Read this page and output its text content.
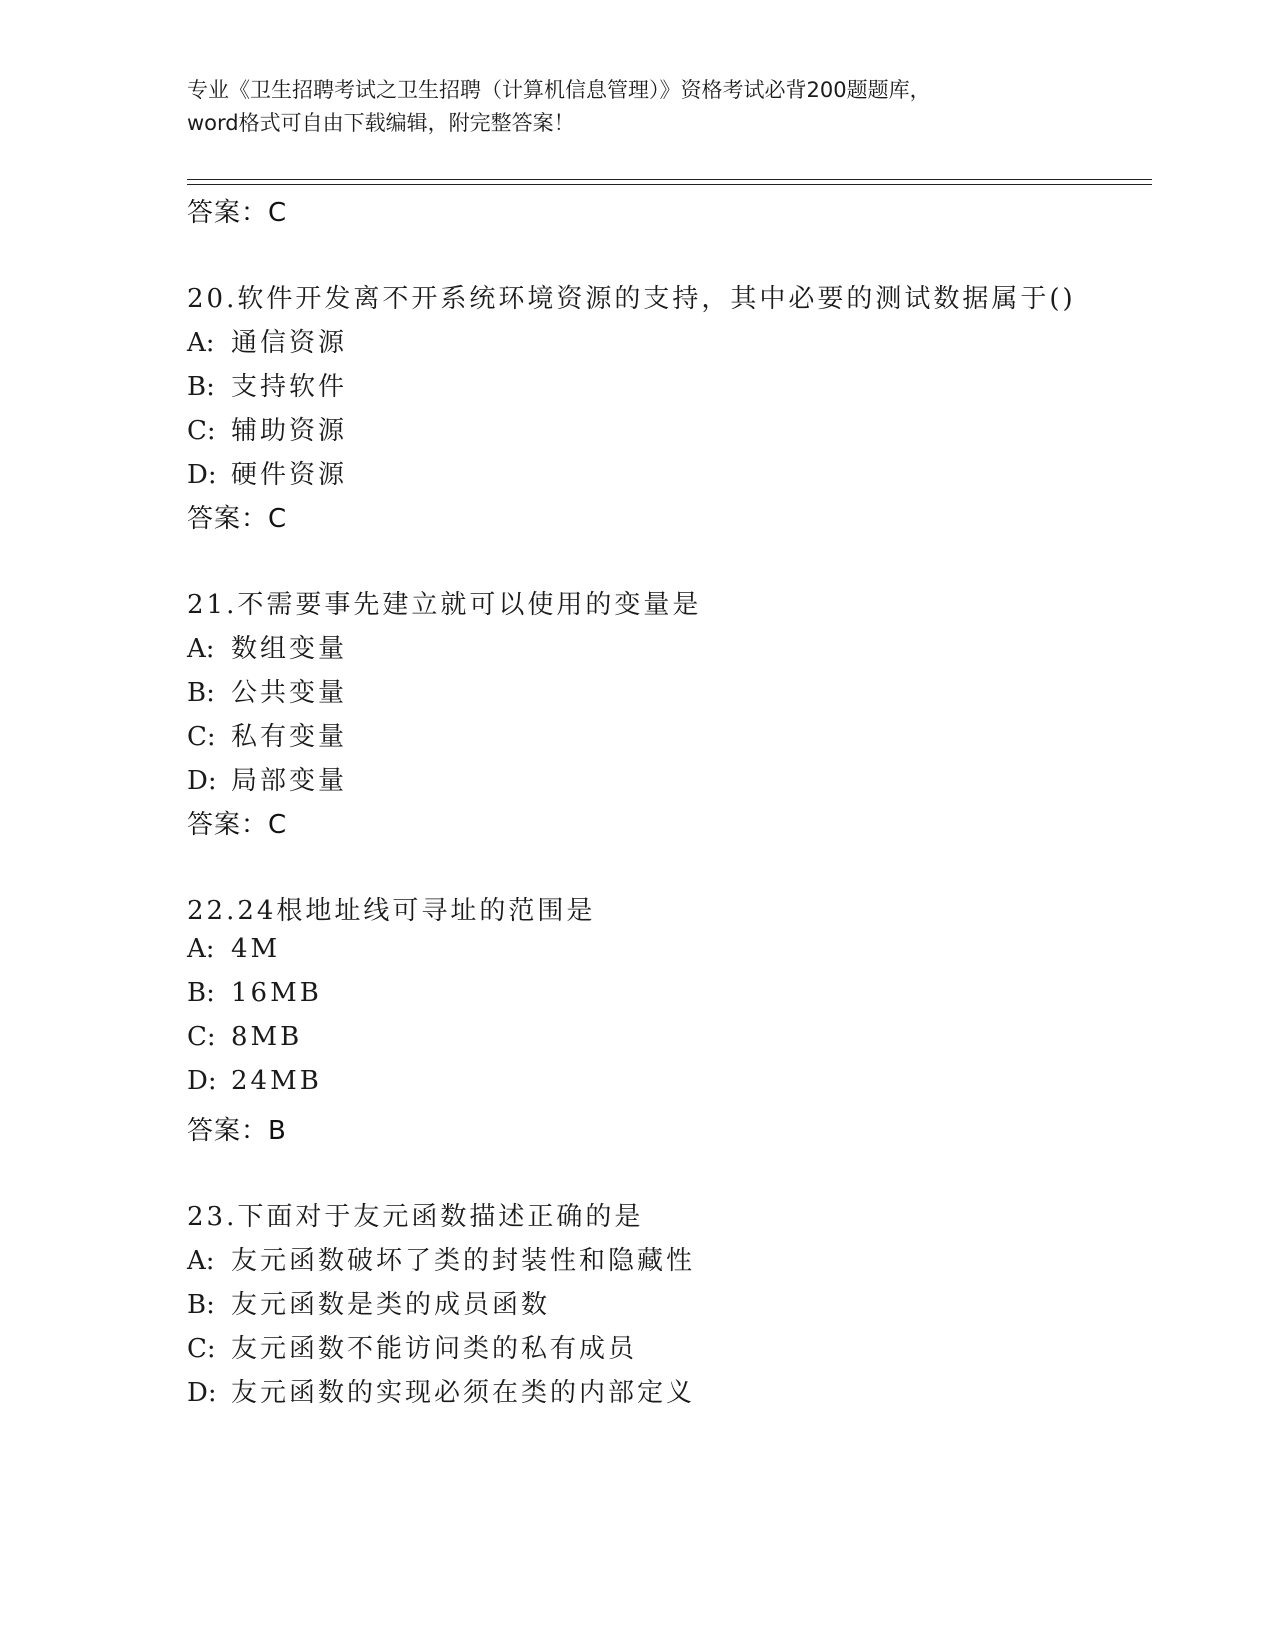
专业《卫生招聘考试之卫生招聘（计算机信息管理）》资格考试必背200题题库，
word格式可自由下载编辑，附完整答案！
答案：C
20.软件开发离不开系统环境资源的支持，其中必要的测试数据属于()
A: 通信资源
B: 支持软件
C: 辅助资源
D: 硬件资源
答案：C
21.不需要事先建立就可以使用的变量是
A: 数组变量
B: 公共变量
C: 私有变量
D: 局部变量
答案：C
22.24根地址线可寻址的范围是
A: 4M
B: 16MB
C: 8MB
D: 24MB
答案：B
23.下面对于友元函数描述正确的是
A: 友元函数破坏了类的封装性和隐藏性
B: 友元函数是类的成员函数
C: 友元函数不能访问类的私有成员
D: 友元函数的实现必须在类的内部定义
